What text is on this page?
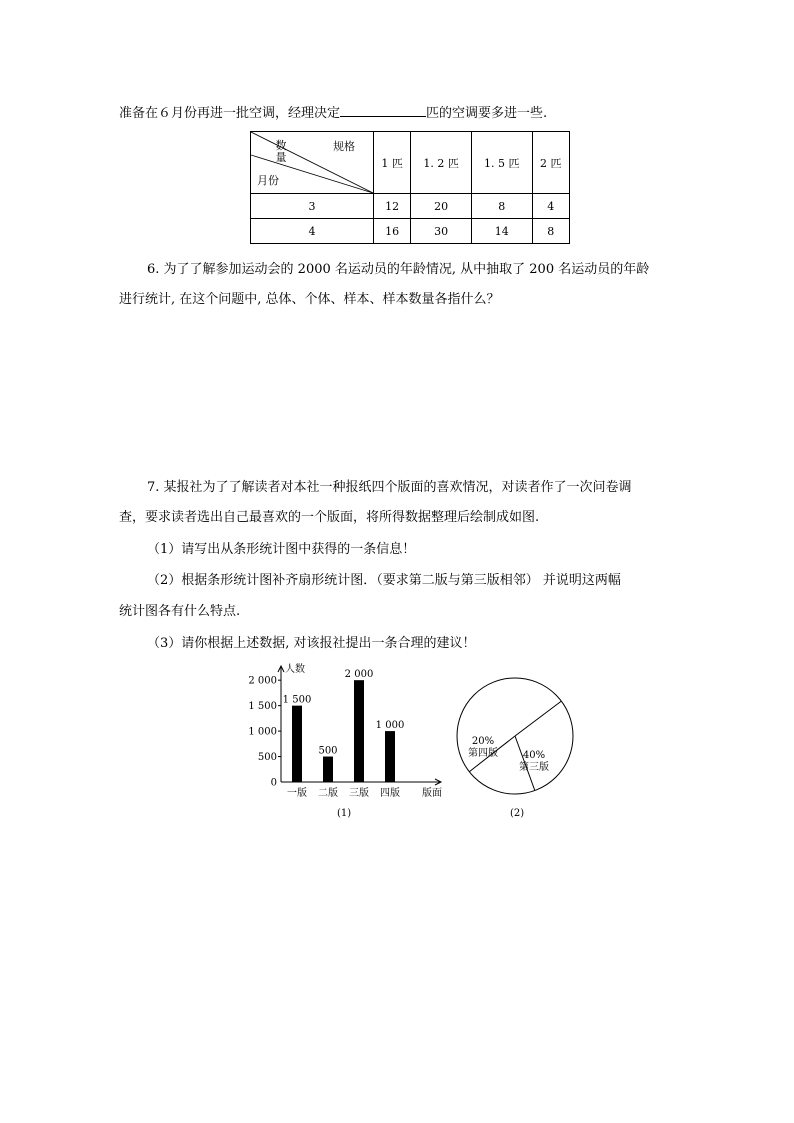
准备在６月份再进一批空调，经理决定	匹的空调要多进一些.
规格
数量
月份	1 匹	1. 2 匹	1. 5 匹	2 匹
3	12	20	8	4
4	16	30	14	8
6. 为了了解参加运动会的 2000 名运动员的年龄情况, 从中抽取了 200 名运动员的年龄
进行统计, 在这个问题中, 总体、个体、样本、样本数量各指什么？
7. 某报社为了了解读者对本社一种报纸四个版面的喜欢情况，对读者作了一次问卷调
查，要求读者选出自己最喜欢的一个版面，将所得数据整理后绘制成如图.
（1）请写出从条形统计图中获得的一条信息！
（2）根据条形统计图补齐扇形统计图．（要求第二版与第三版相邻） 并说明这两幅
统计图各有什么特点.
（3）请你根据上述数据, 对该报社提出一条合理的建议！
人数
版面
0
500
1 000
1 500
2 000
1 500
一版
500
二版
2 000
三版
1 000
四版
(1)
20%
第四版 40%
第三版
(2)
